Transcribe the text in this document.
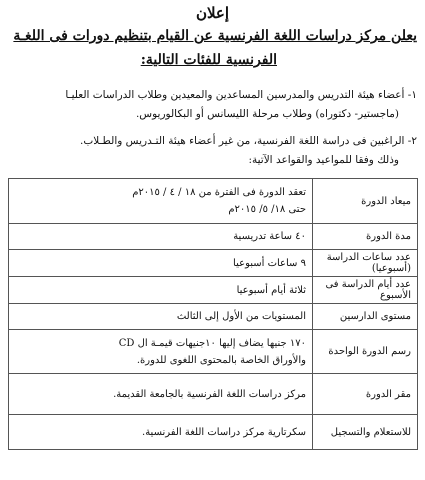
إعلان
يعلن مركز دراسات اللغة الفرنسية عن القيام بتنظيم دورات فى اللغـة
الفرنسية للفئات التالية:
١- أعضاء هيئة التدريس والمدرسين المساعدين والمعيدين وطلاب الدراسات العليـا
(ماجستير- دكتوراه) وطلاب مرحلة الليسانس أو البكالوريوس.
٢- الراغبين فى دراسة اللغة الفرنسية، من غير أعضاء هيئة التـدريس والطـلاب.
وذلك وفقا للمواعيد والقواعد الآتية:
ميعاد الدورة	تعقد الدورة فى الفترة من ١٨ / ٤ / ٢٠١٥م
حتى ١٨/ ٥/ ٢٠١٥م

مدة الدورة	٤٠ ساعة تدريسية
عدد ساعات الدراسة (أسبوعيا)	٩ ساعات أسبوعيا
عدد أيام الدراسة فى الأسبوع	ثلاثة أيام أسبوعيا
مستوى الدارسين	المستويات من الأول إلى الثالث
رسم الدورة الواحدة	١٧٠ جنيها يضاف إليها ١٠جنيهات قيمـة ال CD
والأوراق الخاصة بالمحتوى اللغوى للدورة.

مقر الدورة	مركز دراسات اللغة الفرنسية بالجامعة القديمة.
للاستعلام والتسجيل	سكرتارية مركز دراسات اللغة الفرنسية.
